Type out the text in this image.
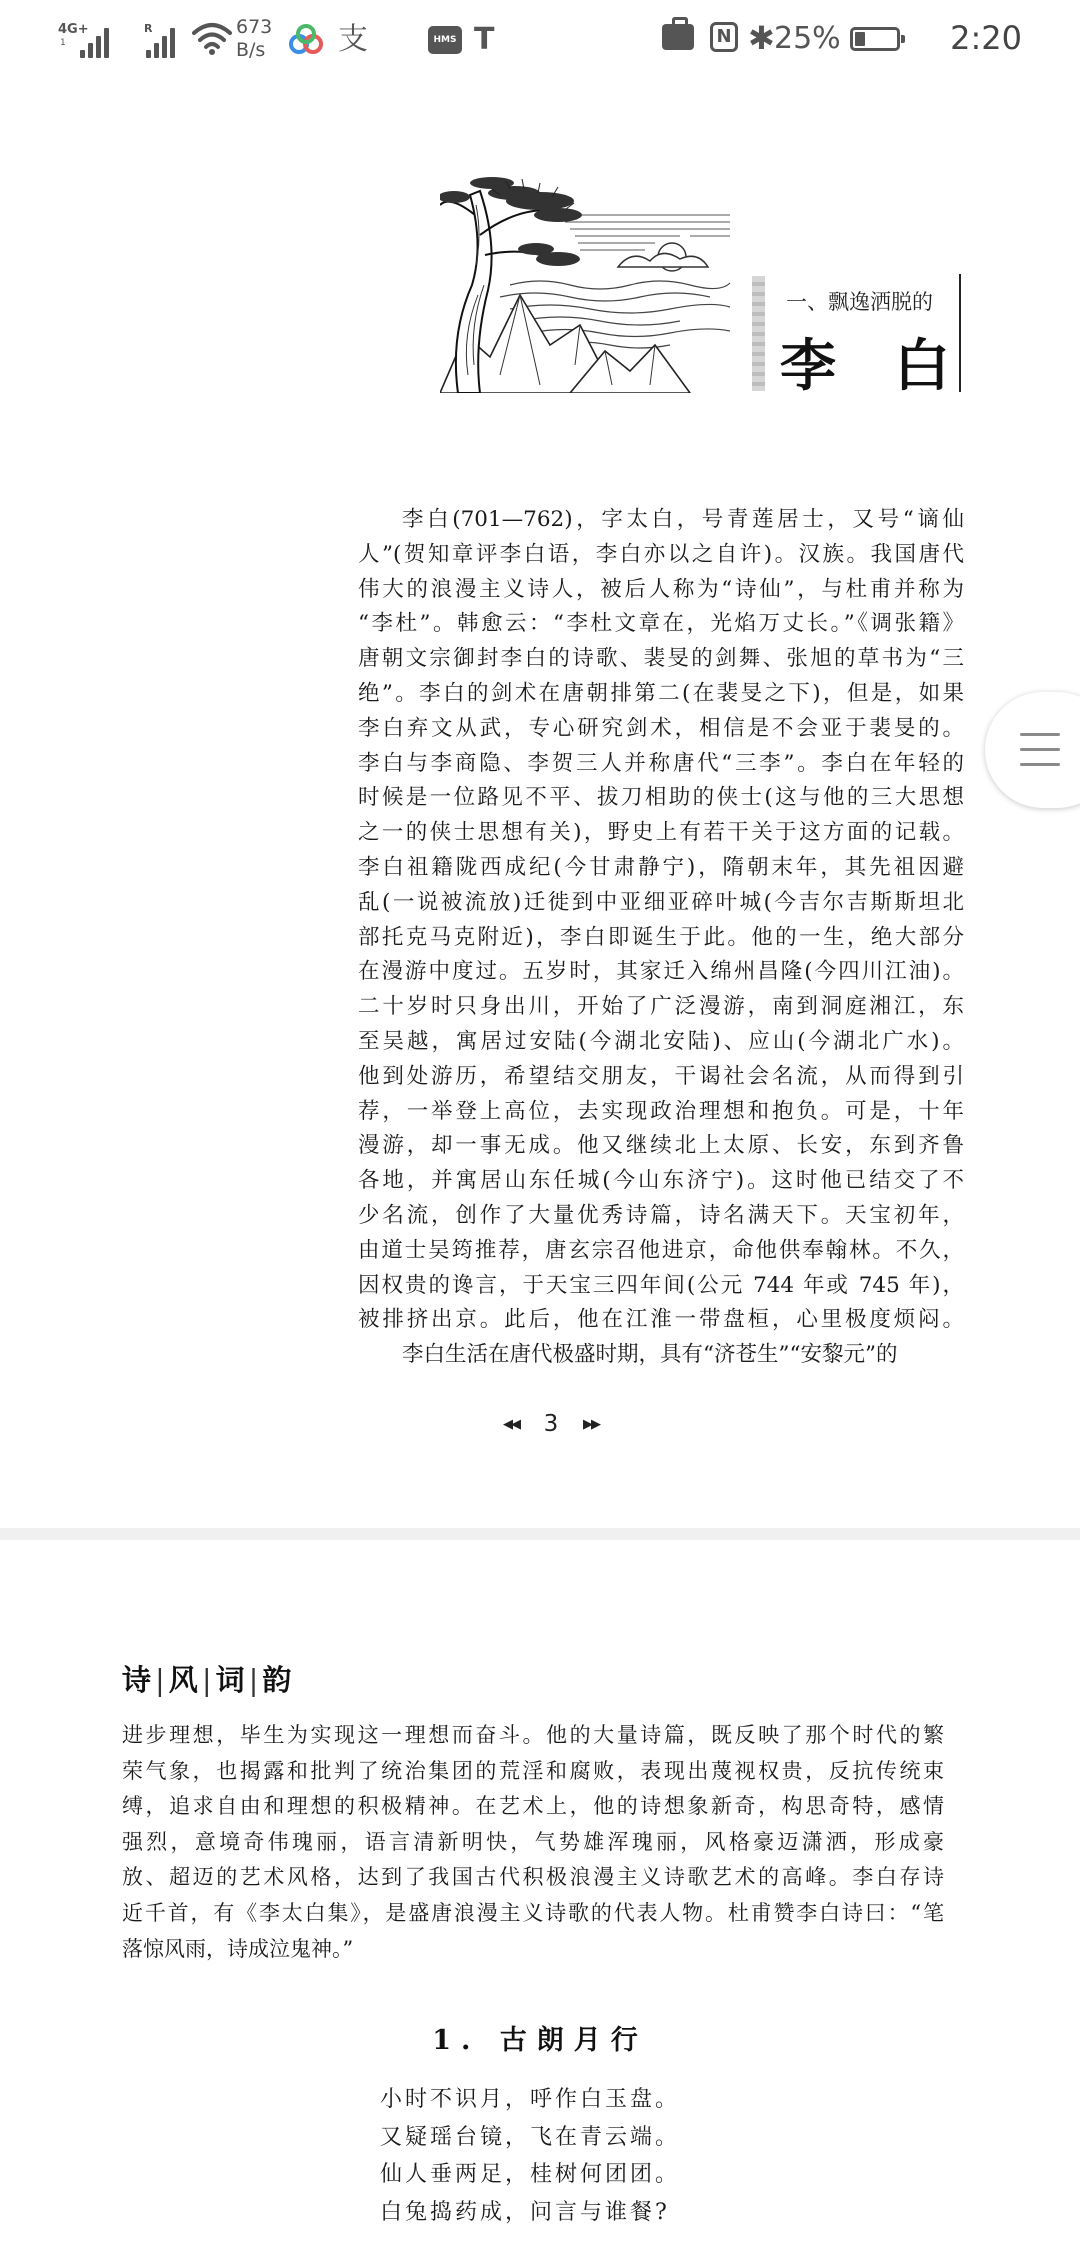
4G+
1
R	673
B/s 支	HMS T	N ✱ 25%	2:20
一、飘逸洒脱的
李白
李白(701—762)，字太白，号青莲居士，又号“谪仙
人”(贺知章评李白语，李白亦以之自许)。汉族。我国唐代
伟大的浪漫主义诗人，被后人称为“诗仙”，与杜甫并称为
“李杜”。韩愈云：“李杜文章在，光焰万丈长。”《调张籍》
唐朝文宗御封李白的诗歌、裴旻的剑舞、张旭的草书为“三
绝”。李白的剑术在唐朝排第二(在裴旻之下)，但是，如果
李白弃文从武，专心研究剑术，相信是不会亚于裴旻的。
李白与李商隐、李贺三人并称唐代“三李”。李白在年轻的
时候是一位路见不平、拔刀相助的侠士(这与他的三大思想
之一的侠士思想有关)，野史上有若干关于这方面的记载。
李白祖籍陇西成纪(今甘肃静宁)，隋朝末年，其先祖因避
乱(一说被流放)迁徙到中亚细亚碎叶城(今吉尔吉斯斯坦北
部托克马克附近)，李白即诞生于此。他的一生，绝大部分
在漫游中度过。五岁时，其家迁入绵州昌隆(今四川江油)。
二十岁时只身出川，开始了广泛漫游，南到洞庭湘江，东
至吴越，寓居过安陆(今湖北安陆)、应山(今湖北广水)。
他到处游历，希望结交朋友，干谒社会名流，从而得到引
荐，一举登上高位，去实现政治理想和抱负。可是，十年
漫游，却一事无成。他又继续北上太原、长安，东到齐鲁
各地，并寓居山东任城(今山东济宁)。这时他已结交了不
少名流，创作了大量优秀诗篇，诗名满天下。天宝初年，
由道士吴筠推荐，唐玄宗召他进京，命他供奉翰林。不久，
因权贵的谗言，于天宝三四年间(公元 744 年或 745 年)，
被排挤出京。此后，他在江淮一带盘桓，心里极度烦闷。
李白生活在唐代极盛时期，具有“济苍生”“安黎元”的
◀◀ 3	▶▶
诗 | 风 | 词 | 韵
进步理想，毕生为实现这一理想而奋斗。他的大量诗篇，既反映了那个时代的繁
荣气象，也揭露和批判了统治集团的荒淫和腐败，表现出蔑视权贵，反抗传统束
缚，追求自由和理想的积极精神。在艺术上，他的诗想象新奇，构思奇特，感情
强烈，意境奇伟瑰丽，语言清新明快，气势雄浑瑰丽，风格豪迈潇洒，形成豪
放、超迈的艺术风格，达到了我国古代积极浪漫主义诗歌艺术的高峰。李白存诗
近千首，有《李太白集》，是盛唐浪漫主义诗歌的代表人物。杜甫赞李白诗曰：“笔
落惊风雨，诗成泣鬼神。”
1. 古朗月行
小时不识月，呼作白玉盘。
又疑瑶台镜，飞在青云端。
仙人垂两足，桂树何团团。
白兔捣药成，问言与谁餐?
